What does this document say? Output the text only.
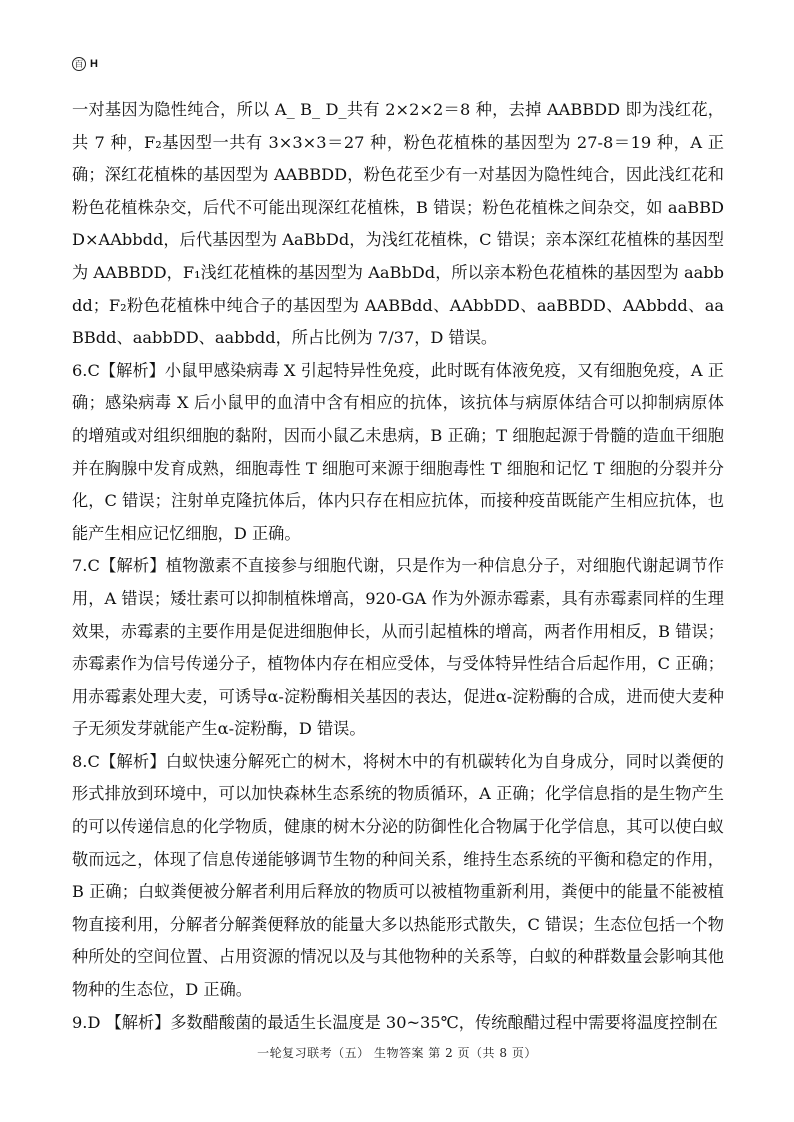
百 H

一对基因为隐性纯合，所以 A_ B_ D_共有 2×2×2＝8 种，去掉 AABBDD 即为浅红花，共 7 种，F₂基因型一共有 3×3×3＝27 种，粉色花植株的基因型为 27-8＝19 种，A 正确；深红花植株的基因型为 AABBDD，粉色花至少有一对基因为隐性纯合，因此浅红花和粉色花植株杂交，后代不可能出现深红花植株，B 错误；粉色花植株之间杂交，如 aaBBDD×AAbbdd，后代基因型为 AaBbDd，为浅红花植株，C 错误；亲本深红花植株的基因型为 AABBDD，F₁浅红花植株的基因型为 AaBbDd，所以亲本粉色花植株的基因型为 aabbdd；F₂粉色花植株中纯合子的基因型为 AABBdd、AAbbDD、aaBBDD、AAbbdd、aaBBdd、aabbDD、aabbdd，所占比例为 7/37，D 错误。

6.C【解析】小鼠甲感染病毒 X 引起特异性免疫，此时既有体液免疫，又有细胞免疫，A 正确；感染病毒 X 后小鼠甲的血清中含有相应的抗体，该抗体与病原体结合可以抑制病原体的增殖或对组织细胞的黏附，因而小鼠乙未患病，B 正确；T 细胞起源于骨髓的造血干细胞并在胸腺中发育成熟，细胞毒性 T 细胞可来源于细胞毒性 T 细胞和记忆 T 细胞的分裂并分化，C 错误；注射单克隆抗体后，体内只存在相应抗体，而接种疫苗既能产生相应抗体，也能产生相应记忆细胞，D 正确。

7.C【解析】植物激素不直接参与细胞代谢，只是作为一种信息分子，对细胞代谢起调节作用，A 错误；矮壮素可以抑制植株增高，920-GA 作为外源赤霉素，具有赤霉素同样的生理效果，赤霉素的主要作用是促进细胞伸长，从而引起植株的增高，两者作用相反，B 错误；赤霉素作为信号传递分子，植物体内存在相应受体，与受体特异性结合后起作用，C 正确；用赤霉素处理大麦，可诱导α-淀粉酶相关基因的表达，促进α-淀粉酶的合成，进而使大麦种子无须发芽就能产生α-淀粉酶，D 错误。

8.C【解析】白蚁快速分解死亡的树木，将树木中的有机碳转化为自身成分，同时以粪便的形式排放到环境中，可以加快森林生态系统的物质循环，A 正确；化学信息指的是生物产生的可以传递信息的化学物质，健康的树木分泌的防御性化合物属于化学信息，其可以使白蚁敬而远之，体现了信息传递能够调节生物的种间关系，维持生态系统的平衡和稳定的作用，B 正确；白蚁粪便被分解者利用后释放的物质可以被植物重新利用，粪便中的能量不能被植物直接利用，分解者分解粪便释放的能量大多以热能形式散失，C 错误；生态位包括一个物种所处的空间位置、占用资源的情况以及与其他物种的关系等，白蚁的种群数量会影响其他物种的生态位，D 正确。

9.D 【解析】多数醋酸菌的最适生长温度是 30~35℃，传统酿醋过程中需要将温度控制在

一轮复习联考（五） 生物答案 第 2 页（共 8 页）
